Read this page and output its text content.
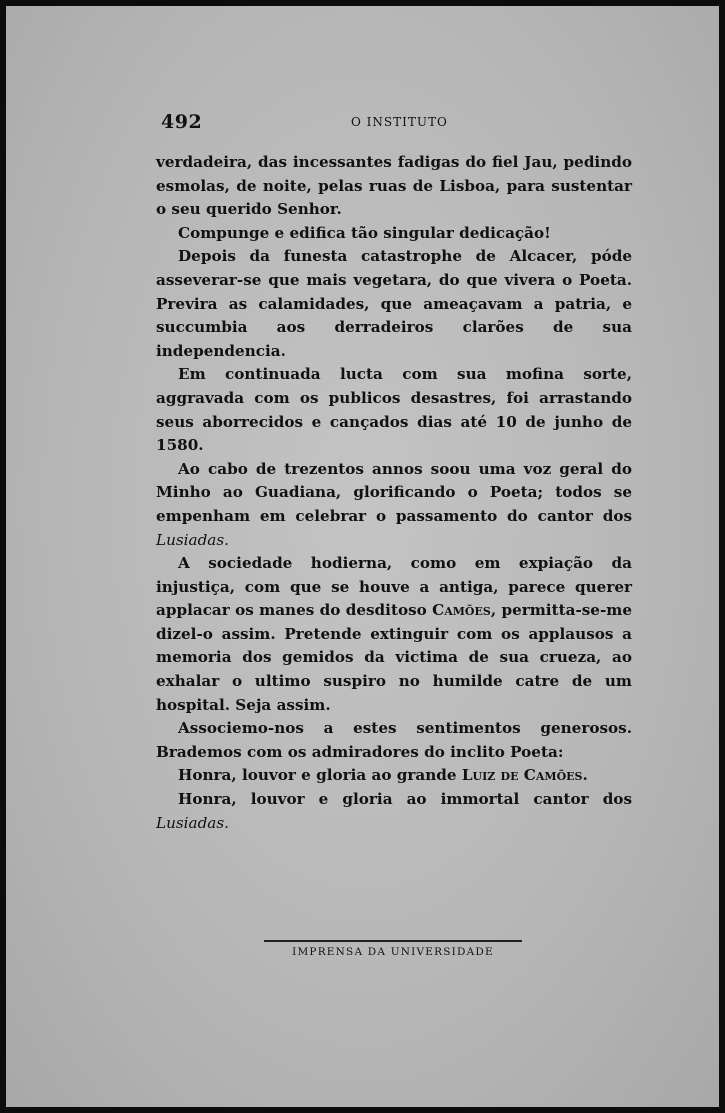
492	O INSTITUTO

verdadeira, das incessantes fadigas do fiel Jau, pedindo esmolas, de noite, pelas ruas de Lisboa, para sustentar o seu querido Senhor.

Compunge e edifica tão singular dedicação!

Depois da funesta catastrophe de Alcacer, póde asseverar-se que mais vegetara, do que vivera o Poeta. Previra as calamidades, que ameaçavam a patria, e succumbia aos derradeiros clarões de sua independencia.

Em continuada lucta com sua mofina sorte, aggravada com os publicos desastres, foi arrastando seus aborrecidos e cançados dias até 10 de junho de 1580.

Ao cabo de trezentos annos soou uma voz geral do Minho ao Guadiana, glorificando o Poeta; todos se empenham em celebrar o passamento do cantor dos Lusiadas.

A sociedade hodierna, como em expiação da injustiça, com que se houve a antiga, parece querer applacar os manes do desditoso Camões, permitta-se-me dizel-o assim. Pretende extinguir com os applausos a memoria dos gemidos da victima de sua crueza, ao exhalar o ultimo suspiro no humilde catre de um hospital. Seja assim.

Associemo-nos a estes sentimentos generosos. Brademos com os admiradores do inclito Poeta:

Honra, louvor e gloria ao grande Luiz de Camões.

Honra, louvor e gloria ao immortal cantor dos Lusiadas.

IMPRENSA DA UNIVERSIDADE
